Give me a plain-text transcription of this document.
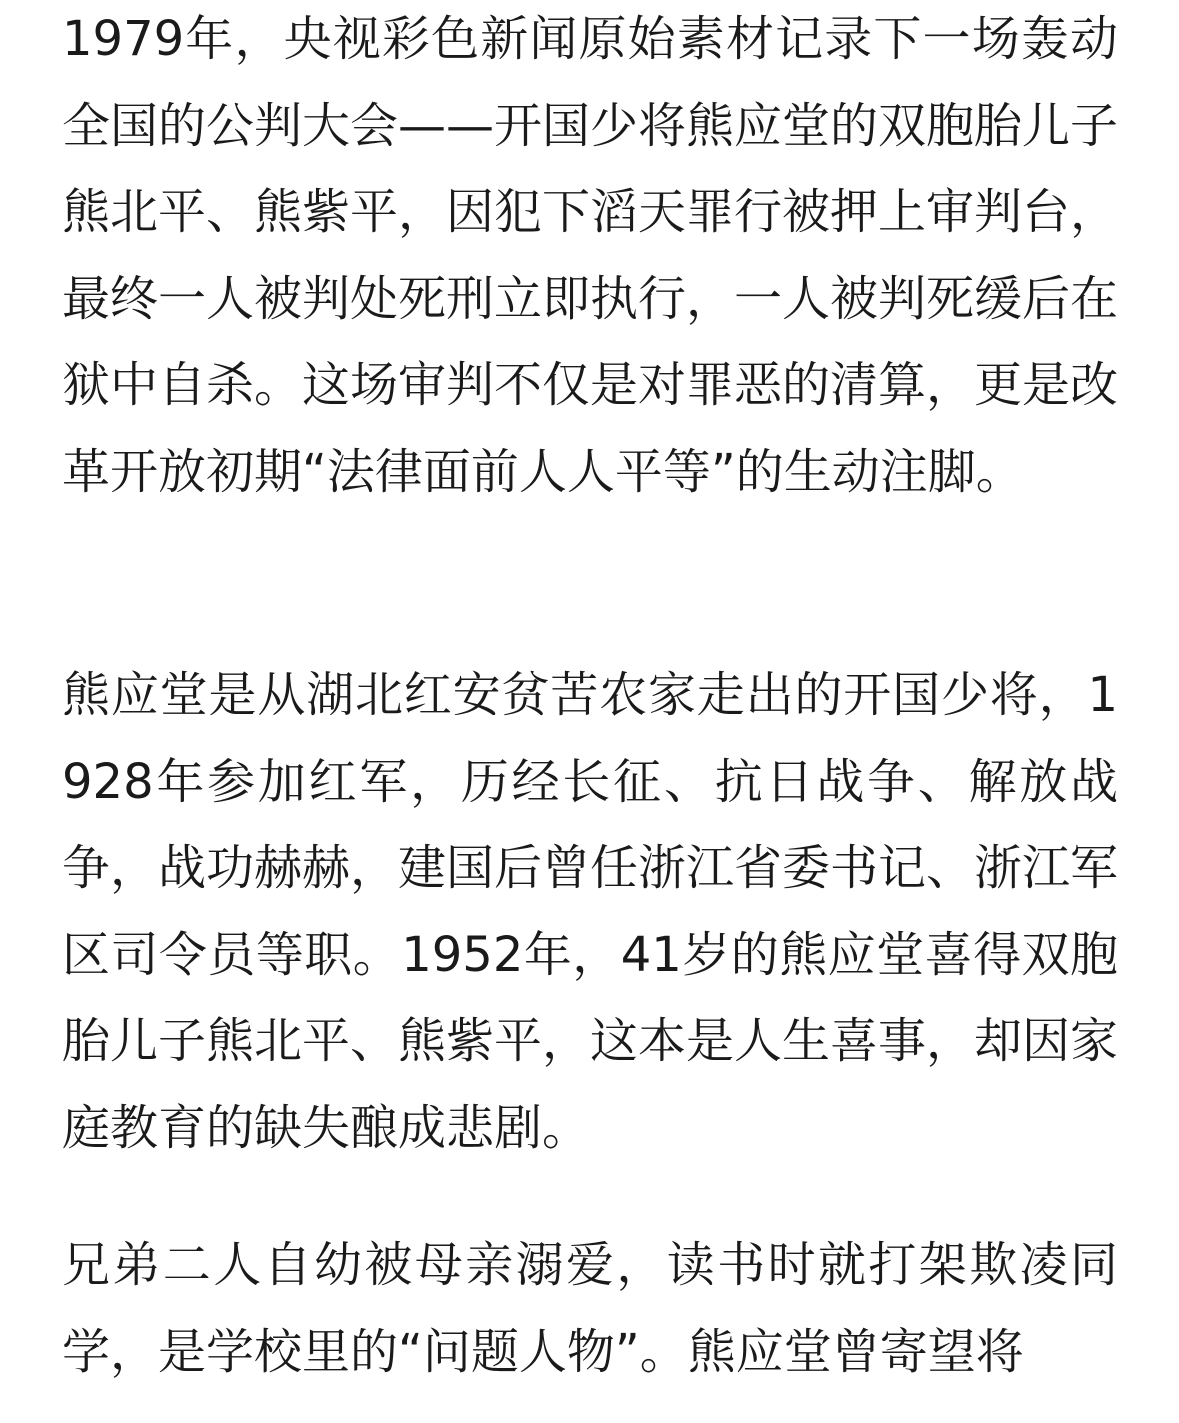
1979年，央视彩色新闻原始素材记录下一场轰动全国的公判大会——开国少将熊应堂的双胞胎儿子熊北平、熊紫平，因犯下滔天罪行被押上审判台，最终一人被判处死刑立即执行，一人被判死缓后在狱中自杀。这场审判不仅是对罪恶的清算，更是改革开放初期“法律面前人人平等”的生动注脚。

熊应堂是从湖北红安贫苦农家走出的开国少将，1928年参加红军，历经长征、抗日战争、解放战争，战功赫赫，建国后曾任浙江省委书记、浙江军区司令员等职。1952年，41岁的熊应堂喜得双胞胎儿子熊北平、熊紫平，这本是人生喜事，却因家庭教育的缺失酿成悲剧。

兄弟二人自幼被母亲溺爱，读书时就打架欺凌同学，是学校里的“问题人物”。熊应堂曾寄望将
